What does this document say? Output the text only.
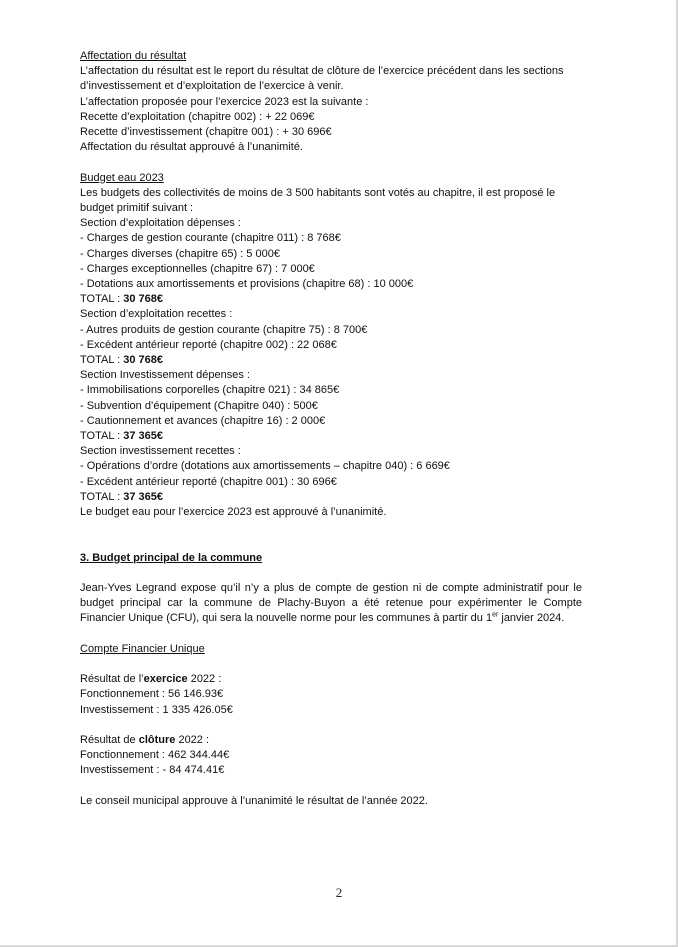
Affectation du résultat

L’affectation du résultat est le report du résultat de clôture de l’exercice précédent dans les sections

d’investissement et d’exploitation de l’exercice à venir.

L’affectation proposée pour l’exercice 2023 est la suivante :

Recette d’exploitation (chapitre 002) : + 22 069€

Recette d’investissement (chapitre 001) : + 30 696€

Affectation du résultat approuvé à l’unanimité.

Budget eau 2023

Les budgets des collectivités de moins de 3 500 habitants sont votés au chapitre, il est proposé le

budget primitif suivant :

Section d’exploitation dépenses :

- Charges de gestion courante (chapitre 011) : 8 768€

- Charges diverses (chapitre 65) : 5 000€

- Charges exceptionnelles (chapitre 67) : 7 000€

- Dotations aux amortissements et provisions (chapitre 68) : 10 000€

TOTAL : 30 768€

Section d’exploitation recettes :

- Autres produits de gestion courante (chapitre 75) : 8 700€

- Excédent antérieur reporté (chapitre 002) : 22 068€

TOTAL : 30 768€

Section Investissement dépenses :

- Immobilisations corporelles (chapitre 021) : 34 865€

- Subvention d’équipement (Chapitre 040) : 500€

- Cautionnement et avances (chapitre 16) : 2 000€

TOTAL : 37 365€

Section investissement recettes :

- Opérations d’ordre (dotations aux amortissements – chapitre 040) : 6 669€

- Excédent antérieur reporté (chapitre 001) : 30 696€

TOTAL : 37 365€

Le budget eau pour l’exercice 2023 est approuvé à l’unanimité.

3. Budget principal de la commune

Jean-Yves Legrand expose qu’il n’y a plus de compte de gestion ni de compte administratif pour le

budget principal car la commune de Plachy-Buyon a été retenue pour expérimenter le Compte

Financier Unique (CFU), qui sera la nouvelle norme pour les communes à partir du 1er janvier 2024.

Compte Financier Unique

Résultat de l’exercice 2022 :

Fonctionnement : 56 146.93€

Investissement : 1 335 426.05€

Résultat de clôture 2022 :

Fonctionnement : 462 344.44€

Investissement : - 84 474.41€

Le conseil municipal approuve à l’unanimité le résultat de l’année 2022.

2
